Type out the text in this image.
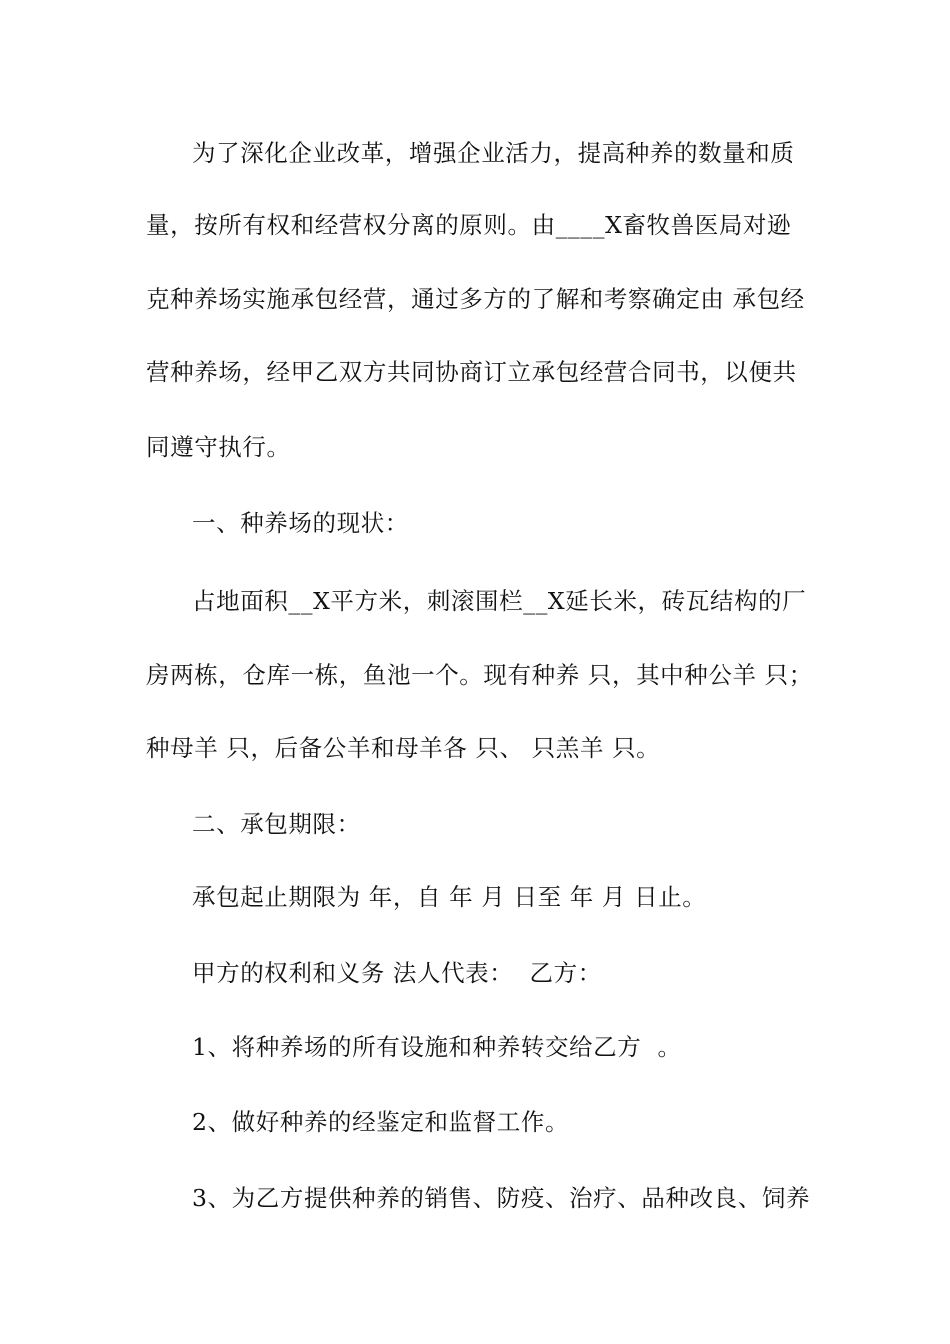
为了深化企业改革，增强企业活力，提高种养的数量和质
量，按所有权和经营权分离的原则。由____X畜牧兽医局对逊
克种养场实施承包经营，通过多方的了解和考察确定由 承包经
营种养场，经甲乙双方共同协商订立承包经营合同书，以便共
同遵守执行。
一、种养场的现状：
占地面积__X平方米，刺滚围栏__X延长米，砖瓦结构的厂
房两栋，仓库一栋，鱼池一个。现有种养 只，其中种公羊 只；
种母羊 只，后备公羊和母羊各 只、 只羔羊 只。
二、承包期限：
承包起止期限为 年，自 年 月 日至 年 月 日止。
甲方的权利和义务 法人代表：  乙方：
1、将种养场的所有设施和种养转交给乙方  。
2、做好种养的经鉴定和监督工作。
3、为乙方提供种养的销售、防疫、治疗、品种改良、饲养
